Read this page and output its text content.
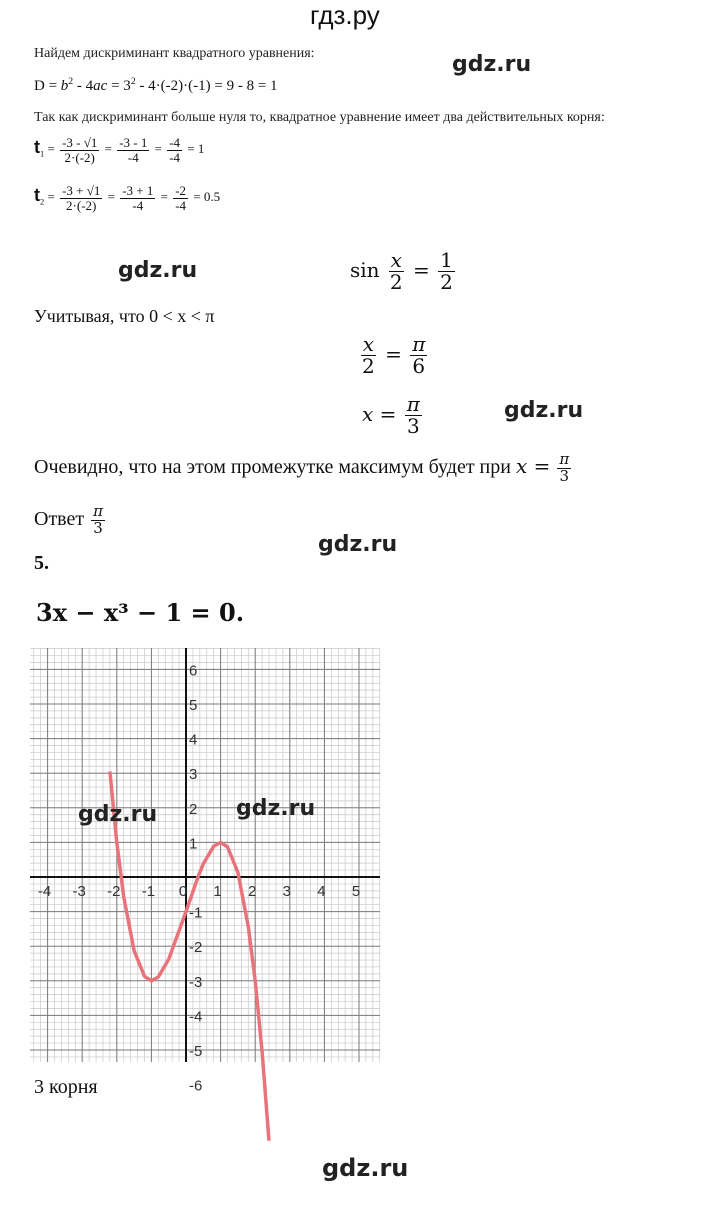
гдз.ру
gdz.ru
Найдем дискриминант квадратного уравнения:
$D = b^2 - 4ac = 3^2 - 4\cdot(-2)\cdot(-1) = 9 - 8 = 1$
Так как дискриминант больше нуля то, квадратное уравнение имеет два действительных корня:
$t_1 = \frac{-3 - √1}{2\cdot(-2)} = \frac{-3 - 1}{-4} = \frac{-4}{-4} = 1$
$t_2 = \frac{-3 + √1}{2\cdot(-2)} = \frac{-3 + 1}{-4} = \frac{-2}{-4} = 0.5$
gdz.ru	$\sin \frac{x}{2} = \frac{1}{2}$
Учитывая, что 0 < x < π
$\frac{x}{2} = \frac{\pi}{6}$
$x = \frac{\pi}{3}$	gdz.ru
Очевидно, что на этом промежутке максимум будет при $x = \frac{\pi}{3}$
Ответ $\frac{\pi}{3}$
gdz.ru
5.
3x − x³ − 1 = 0.
-4 -3 -2 -1 0 1 2 3 4 5
6
5
4
3
2
1
-1
-2
-3
-4
-5
-6
gdz.ru	gdz.ru
3 корня
gdz.ru
